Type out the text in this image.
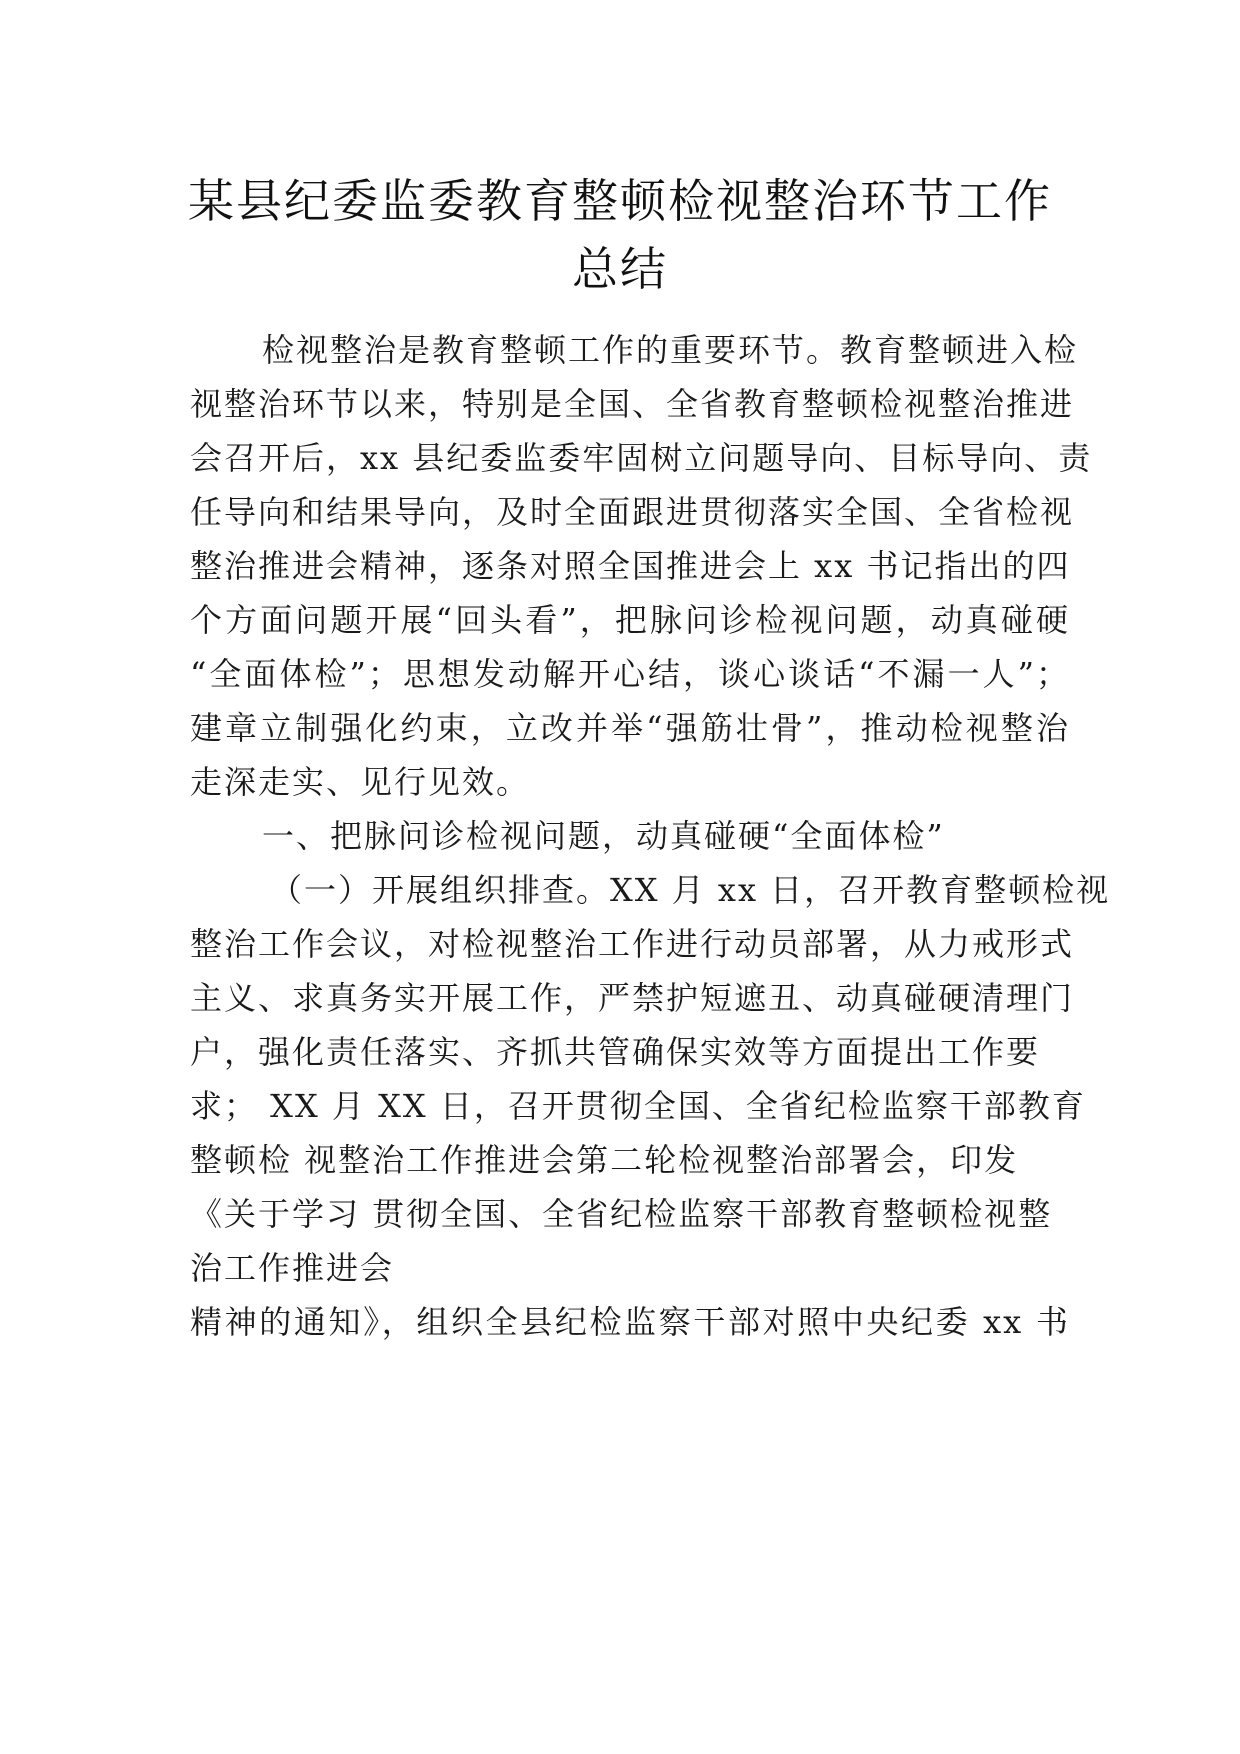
某县纪委监委教育整顿检视整治环节工作
总结
检视整治是教育整顿工作的重要环节。教育整顿进入检
视整治环节以来，特别是全国、全省教育整顿检视整治推进
会召开后，xx 县纪委监委牢固树立问题导向、目标导向、责
任导向和结果导向，及时全面跟进贯彻落实全国、全省检视
整治推进会精神，逐条对照全国推进会上 xx 书记指出的四
个方面问题开展“回头看”，把脉问诊检视问题，动真碰硬
“全面体检”；思想发动解开心结，谈心谈话“不漏一人”；
建章立制强化约束，立改并举“强筋壮骨”，推动检视整治
走深走实、见行见效。
一、把脉问诊检视问题，动真碰硬“全面体检”
（一）开展组织排查。XX 月 xx 日，召开教育整顿检视
整治工作会议，对检视整治工作进行动员部署，从力戒形式
主义、求真务实开展工作，严禁护短遮丑、动真碰硬清理门
户，强化责任落实、齐抓共管确保实效等方面提出工作要
求； XX 月 XX 日，召开贯彻全国、全省纪检监察干部教育
整顿检 视整治工作推进会第二轮检视整治部署会，印发
《关于学习 贯彻全国、全省纪检监察干部教育整顿检视整
治工作推进会
精神的通知》，组织全县纪检监察干部对照中央纪委 xx 书
